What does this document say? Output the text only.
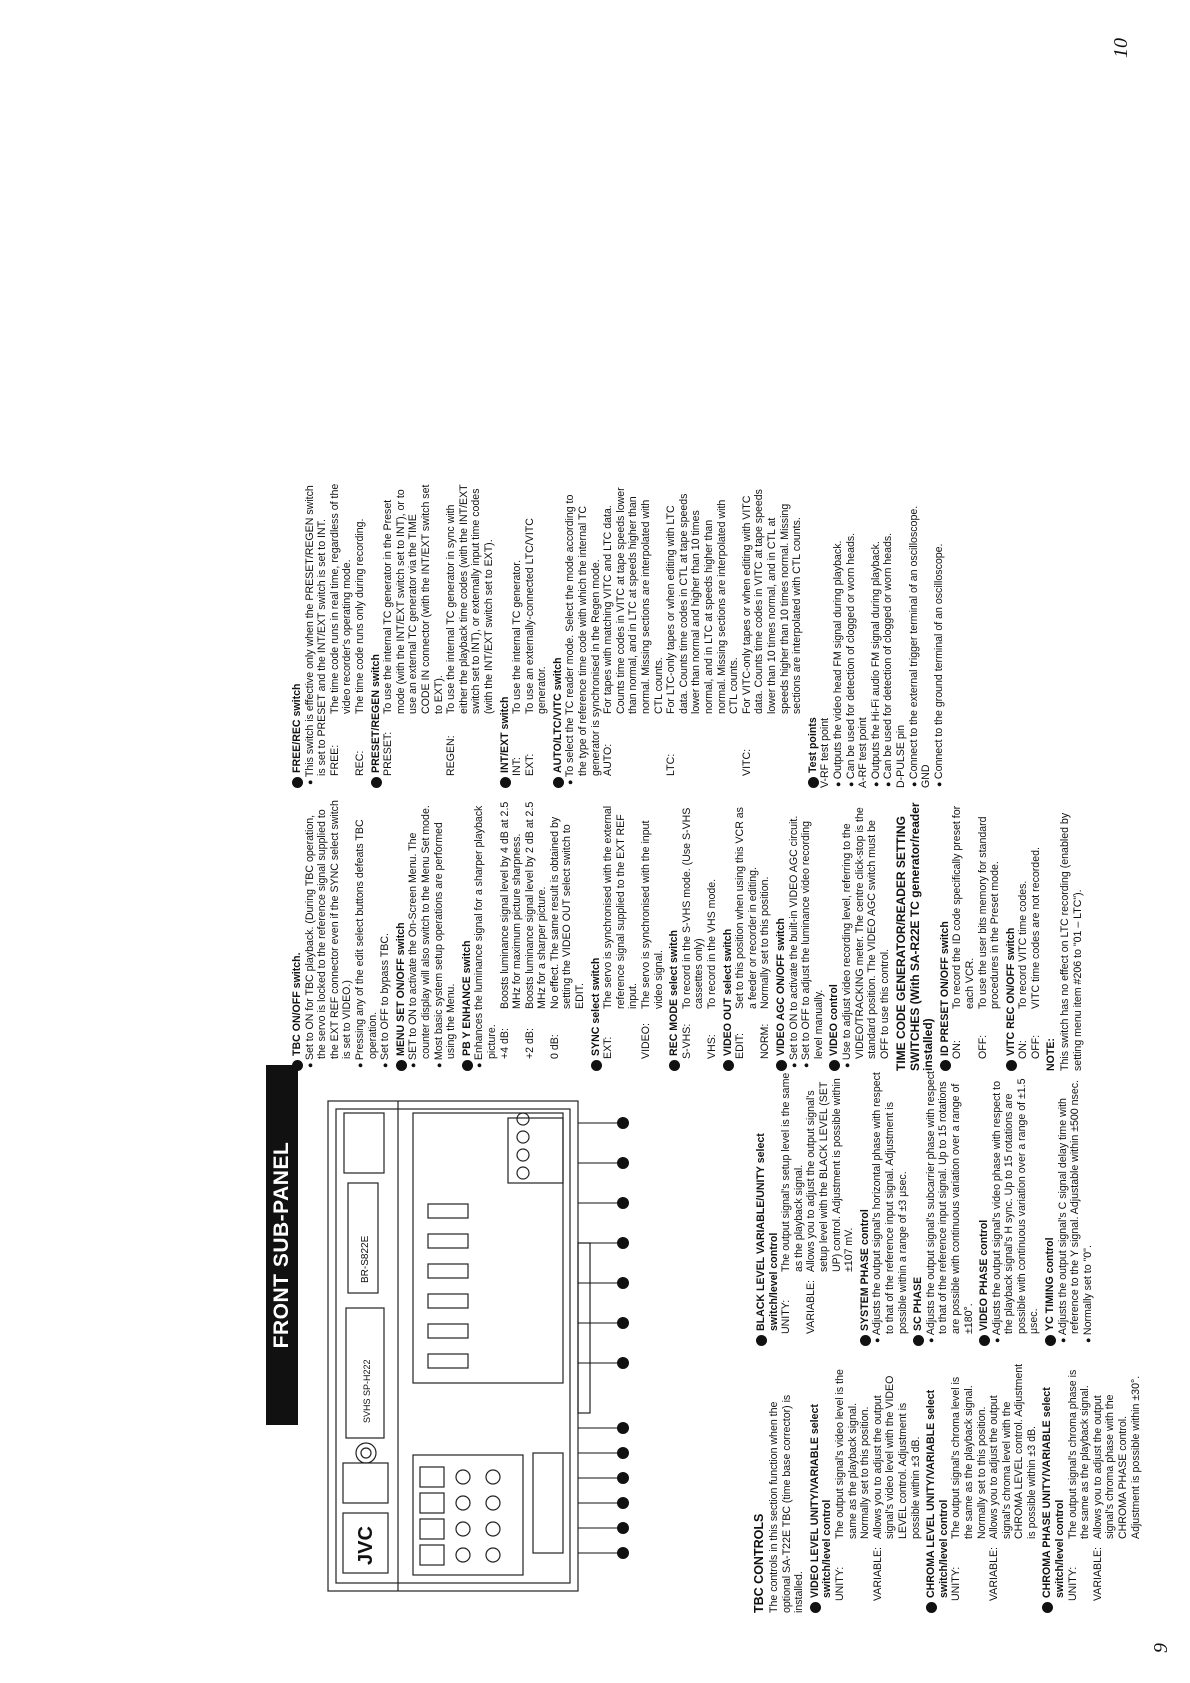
9
10
FRONT SUB-PANEL
JVC
BR-S822E
SVHS SP-H222
TBC CONTROLS The controls in this section function when the optional SA-T22E TBC (time base corrector) is installed. VIDEO LEVEL UNITY/VARIABLE select switch/level control UNITY:
The output signal's video level is the same as the playback signal. Normally set to this position.
VARIABLE:
Allows you to adjust the output signal's video level with the VIDEO LEVEL control. Adjustment is possible within ±3 dB. CHROMA LEVEL UNITY/VARIABLE select switch/level control UNITY:
The output signal's chroma level is the same as the playback signal. Normally set to this position.
VARIABLE:
Allows you to adjust the output signal's chroma level with the CHROMA LEVEL control. Adjustment is possible within ±3 dB. CHROMA PHASE UNITY/VARIABLE select switch/level control UNITY:
The output signal's chroma phase is the same as the playback signal.
VARIABLE:
Allows you to adjust the output signal's chroma phase with the CHROMA PHASE control. Adjustment is possible within ±30°.
BLACK LEVEL VARIABLE/UNITY select switch/level control UNITY:
The output signal's setup level is the same as the playback signal.
VARIABLE:
Allows you to adjust the output signal's setup level with the BLACK LEVEL (SET UP) control. Adjustment is possible within ±107 mV. SYSTEM PHASE control ● Adjusts the output signal's horizontal phase with respect to that of the reference input signal. Adjustment is possible within a range of ±3 μsec. SC PHASE ● Adjusts the output signal's subcarrier phase with respect to that of the reference input signal. Up to 15 rotations are possible with continuous variation over a range of ±180°. VIDEO PHASE control ● Adjusts the output signal's video phase with respect to the playback signal's H sync. Up to 15 rotations are possible with continuous variation over a range of ±1.5 μsec. YC TIMING control ● Adjusts the output signal's C signal delay time with reference to the Y signal. Adjustable within ±500 nsec. ● Normally set to "0".
TBC ON/OFF switch. ● Set to ON for TBC playback. (During TBC operation, the servo is locked to the reference signal supplied to the EXT REF connector even if the SYNC select switch is set to VIDEO.) ● Pressing any of the edit select buttons defeats TBC operation. ● Set to OFF to bypass TBC. MENU SET ON/OFF switch ● SET to ON to activate the On-Screen Menu. The counter display will also switch to the Menu Set mode. ● Most basic system setup operations are performed using the Menu. PB Y ENHANCE switch ● Enhances the luminance signal for a sharper playback picture. +4 dB:
Boosts luminance signal level by 4 dB at 2.5 MHz for maximum picture sharpness.
+2 dB:
Boosts luminance signal level by 2 dB at 2.5 MHz for a sharper picture.
0 dB:
No effect. The same result is obtained by setting the VIDEO OUT select switch to EDIT. SYNC select switch EXT:
The servo is synchronised with the external reference signal supplied to the EXT REF input.
VIDEO:
The servo is synchronised with the input video signal. REC MODE select switch S-VHS:
To record in the S-VHS mode. (Use S-VHS cassettes only)
VHS:
To record in the VHS mode. VIDEO OUT select switch EDIT:
Set to this position when using this VCR as a feeder or recorder in editing.
NORM:
Normally set to this position. VIDEO AGC ON/OFF switch ● Set to ON to activate the built-in VIDEO AGC circuit. ● Set to OFF to adjust the luminance video recording level manually. VIDEO control ● Use to adjust video recording level, referring to the VIDEO/TRACKING meter. The centre click-stop is the standard position. The VIDEO AGC switch must be OFF to use this control. TIME CODE GENERATOR/READER SETTING SWITCHES (With SA-R22E TC generator/reader installed) ID PRESET ON/OFF switch ON:
To record the ID code specifically preset for each VCR.
OFF:
To use the user bits memory for standard procedures in the Preset mode. VITC REC ON/OFF switch ON:
To record VITC time codes.
OFF:
VITC time codes are not recorded.
NOTE: This switch has no effect on LTC recording (enabled by setting menu item #206 to "01 – LTC").
FREE/REC switch ● This switch is effective only when the PRESET/REGEN switch is set to PRESET and the INT/EXT switch is set to INT. FREE:
The time code runs in real time, regardless of the video recorder's operating mode.
REC:
The time code runs only during recording. PRESET/REGEN switch PRESET:
To use the internal TC generator in the Preset mode (with the INT/EXT switch set to INT), or to use an external TC generator via the TIME CODE IN connector (with the INT/EXT switch set to EXT).
REGEN:
To use the internal TC generator in sync with either the playback time codes (with the INT/EXT switch set to INT), or externally input time codes (with the INT/EXT switch set to EXT).
INT/EXT switch INT:
To use the internal TC generator.
EXT:
To use an externally-connected LTC/VITC generator. AUTO/LTC/VITC switch ● To select the TC reader mode. Select the mode according to the type of reference time code with which the internal TC generator is synchronised in the Regen mode. AUTO:
For tapes with matching VITC and LTC data. Counts time codes in VITC at tape speeds lower than normal, and in LTC at speeds higher than normal. Missing sections are interpolated with CTL counts.
LTC:
For LTC-only tapes or when editing with LTC data. Counts time codes in CTL at tape speeds lower than normal and higher than 10 times normal, and in LTC at speeds higher than normal. Missing sections are interpolated with CTL counts.
VITC:
For VITC-only tapes or when editing with VITC data. Counts time codes in VITC at tape speeds lower than 10 times normal, and in CTL at speeds higher than 10 times normal. Missing sections are interpolated with CTL counts.
Test points V-RF test point ● Outputs the video head FM signal during playback. ● Can be used for detection of clogged or worn heads. A-RF test point ● Outputs the Hi-Fi audio FM signal during playback. ● Can be used for detection of clogged or worn heads. D-PULSE pin ● Connect to the external trigger terminal of an oscilloscope. GND ● Connect to the ground terminal of an oscilloscope.
